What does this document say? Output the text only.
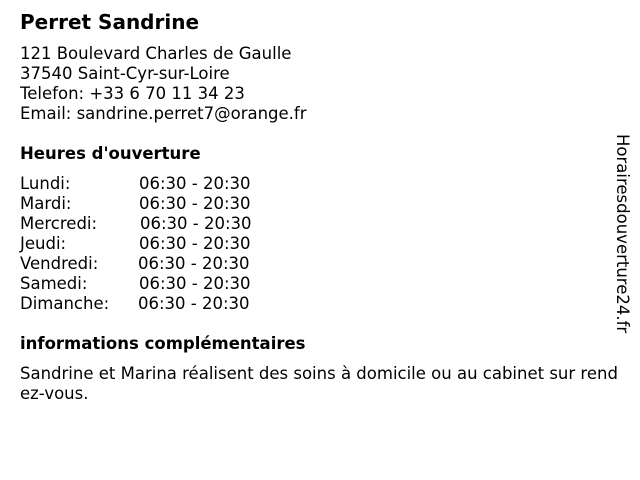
Perret Sandrine
121 Boulevard Charles de Gaulle
37540 Saint-Cyr-sur-Loire
Telefon: +33 6 70 11 34 23
Email: sandrine.perret7@orange.fr
Heures d'ouverture
Lundi:	06:30 - 20:30
Mardi:	06:30 - 20:30
Mercredi:	06:30 - 20:30
Jeudi:	06:30 - 20:30
Vendredi: 06:30 - 20:30
Samedi:	06:30 - 20:30
Dimanche: 06:30 - 20:30
informations complémentaires
Sandrine et Marina réalisent des soins à domicile ou au cabinet sur rendez-vous.
Horairesdouverture24.fr
